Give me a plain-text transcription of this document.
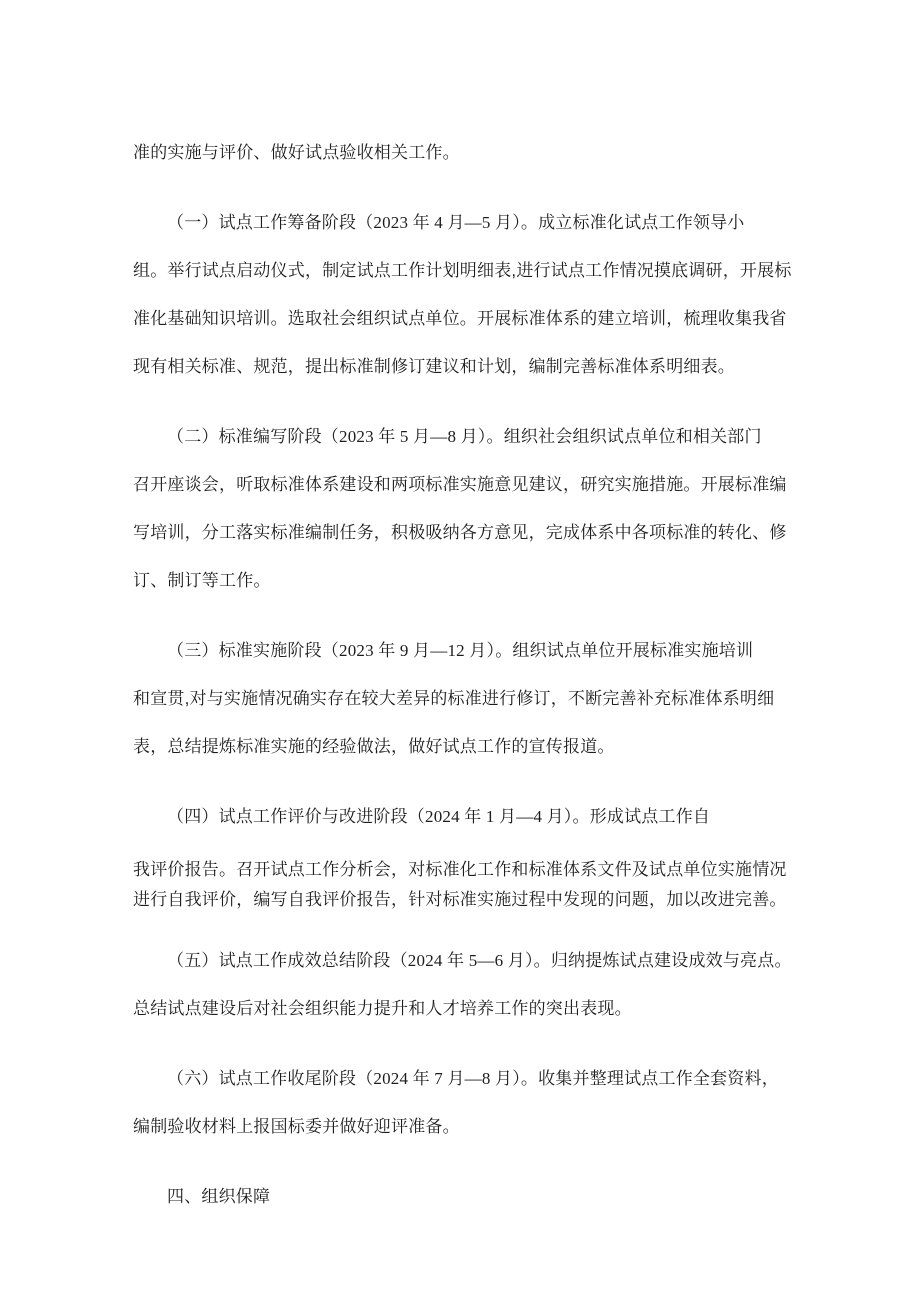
准的实施与评价、做好试点验收相关工作。
（一）试点工作筹备阶段（2023 年 4 月—5 月）。成立标准化试点工作领导小
组。举行试点启动仪式，制定试点工作计划明细表,进行试点工作情况摸底调研，开展标
准化基础知识培训。选取社会组织试点单位。开展标准体系的建立培训，梳理收集我省
现有相关标准、规范，提出标准制修订建议和计划，编制完善标准体系明细表。
（二）标准编写阶段（2023 年 5 月—8 月）。组织社会组织试点单位和相关部门
召开座谈会，听取标准体系建设和两项标准实施意见建议，研究实施措施。开展标准编
写培训，分工落实标准编制任务，积极吸纳各方意见，完成体系中各项标准的转化、修
订、制订等工作。
（三）标准实施阶段（2023 年 9 月—12 月）。组织试点单位开展标准实施培训
和宣贯,对与实施情况确实存在较大差异的标准进行修订，不断完善补充标准体系明细
表，总结提炼标准实施的经验做法，做好试点工作的宣传报道。
（四）试点工作评价与改进阶段（2024 年 1 月—4 月）。形成试点工作自
我评价报告。召开试点工作分析会，对标准化工作和标准体系文件及试点单位实施情况
进行自我评价，编写自我评价报告，针对标准实施过程中发现的问题，加以改进完善。
（五）试点工作成效总结阶段（2024 年 5—6 月）。归纳提炼试点建设成效与亮点。
总结试点建设后对社会组织能力提升和人才培养工作的突出表现。
（六）试点工作收尾阶段（2024 年 7 月—8 月）。收集并整理试点工作全套资料，
编制验收材料上报国标委并做好迎评准备。
四、组织保障
